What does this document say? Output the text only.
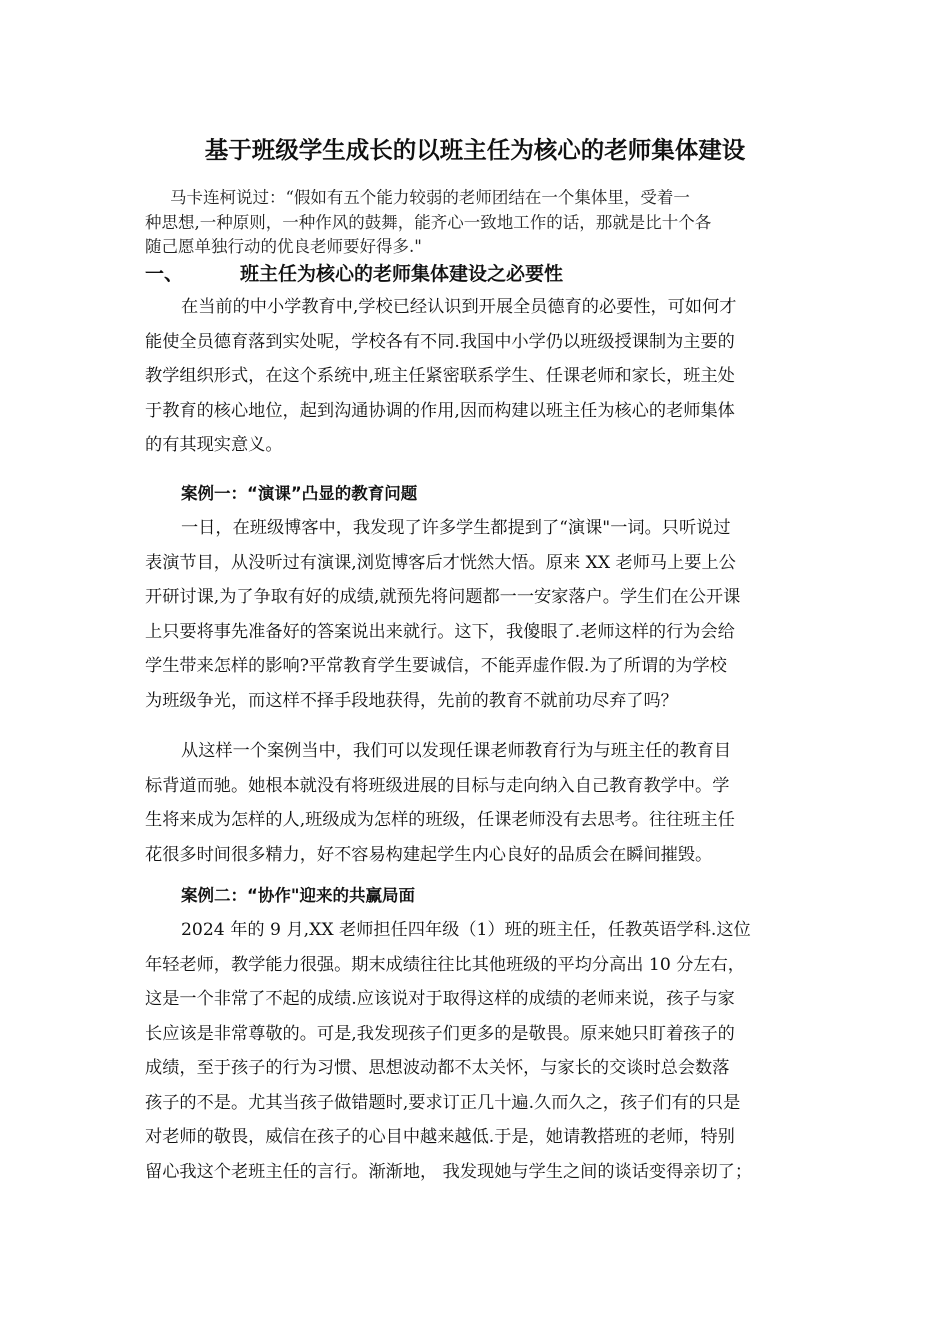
基于班级学生成长的以班主任为核心的老师集体建设
马卡连柯说过：“假如有五个能力较弱的老师团结在一个集体里，受着一
种思想,一种原则，一种作风的鼓舞，能齐心一致地工作的话，那就是比十个各
随己愿单独行动的优良老师要好得多."
一、	班主任为核心的老师集体建设之必要性
在当前的中小学教育中,学校已经认识到开展全员德育的必要性，可如何才
能使全员德育落到实处呢，学校各有不同.我国中小学仍以班级授课制为主要的
教学组织形式，在这个系统中,班主任紧密联系学生、任课老师和家长，班主处
于教育的核心地位，起到沟通协调的作用,因而构建以班主任为核心的老师集体
的有其现实意义。
案例一：“演课”凸显的教育问题
一日，在班级博客中，我发现了许多学生都提到了“演课"一词。只听说过
表演节目，从没听过有演课,浏览博客后才恍然大悟。原来 XX 老师马上要上公
开研讨课,为了争取有好的成绩,就预先将问题都一一安家落户。学生们在公开课
上只要将事先准备好的答案说出来就行。这下，我傻眼了.老师这样的行为会给
学生带来怎样的影响?平常教育学生要诚信，不能弄虚作假.为了所谓的为学校
为班级争光，而这样不择手段地获得，先前的教育不就前功尽弃了吗？
从这样一个案例当中，我们可以发现任课老师教育行为与班主任的教育目
标背道而驰。她根本就没有将班级进展的目标与走向纳入自己教育教学中。学
生将来成为怎样的人,班级成为怎样的班级，任课老师没有去思考。往往班主任
花很多时间很多精力，好不容易构建起学生内心良好的品质会在瞬间摧毁。
案例二：“协作"迎来的共赢局面
2024 年的 9 月,XX 老师担任四年级（1）班的班主任，任教英语学科.这位
年轻老师，教学能力很强。期末成绩往往比其他班级的平均分高出 10 分左右，
这是一个非常了不起的成绩.应该说对于取得这样的成绩的老师来说，孩子与家
长应该是非常尊敬的。可是,我发现孩子们更多的是敬畏。原来她只盯着孩子的
成绩，至于孩子的行为习惯、思想波动都不太关怀，与家长的交谈时总会数落
孩子的不是。尤其当孩子做错题时,要求订正几十遍.久而久之，孩子们有的只是
对老师的敬畏，威信在孩子的心目中越来越低.于是，她请教搭班的老师，特别
留心我这个老班主任的言行。渐渐地， 我发现她与学生之间的谈话变得亲切了；
